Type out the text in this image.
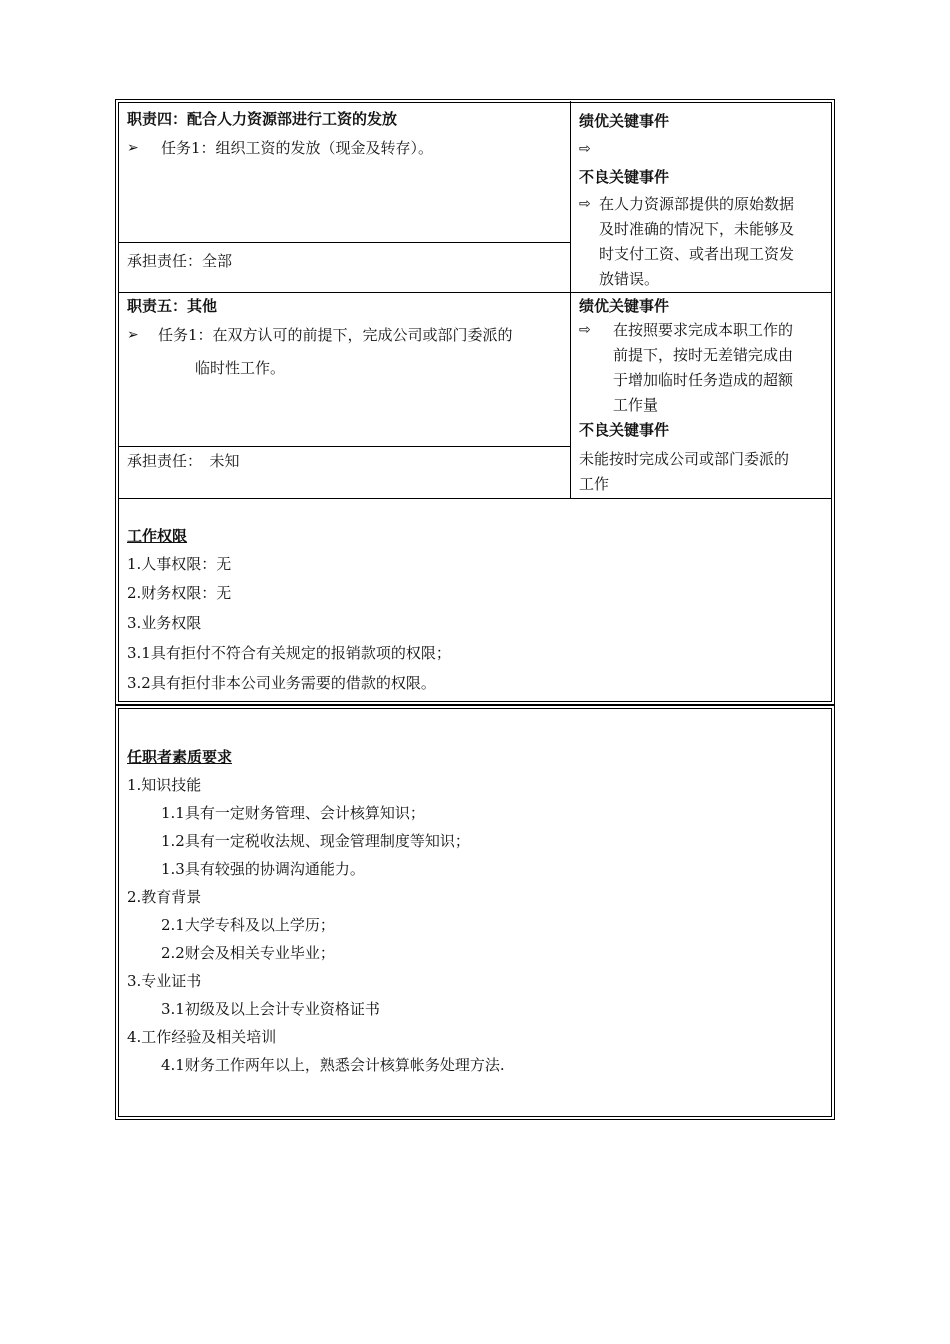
职责四：配合人力资源部进行工资的发放
➢ 任务1：组织工资的发放（现金及转存）。
承担责任：全部
绩优关键事件
⇨
不良关键事件
⇨ 在人力资源部提供的原始数据
及时准确的情况下，未能够及
时支付工资、或者出现工资发
放错误。
职责五：其他
➢ 任务1：在双方认可的前提下，完成公司或部门委派的
临时性工作。
承担责任：　未知
绩优关键事件
⇨ 在按照要求完成本职工作的
前提下，按时无差错完成由
于增加临时任务造成的超额
工作量
不良关键事件
未能按时完成公司或部门委派的
工作
工作权限
1.人事权限：无
2.财务权限：无
3.业务权限
3.1具有拒付不符合有关规定的报销款项的权限；
3.2具有拒付非本公司业务需要的借款的权限。
任职者素质要求
1.知识技能
1.1具有一定财务管理、会计核算知识；
1.2具有一定税收法规、现金管理制度等知识；
1.3具有较强的协调沟通能力。
2.教育背景
2.1大学专科及以上学历；
2.2财会及相关专业毕业；
3.专业证书
3.1初级及以上会计专业资格证书
4.工作经验及相关培训
4.1财务工作两年以上，熟悉会计核算帐务处理方法.
